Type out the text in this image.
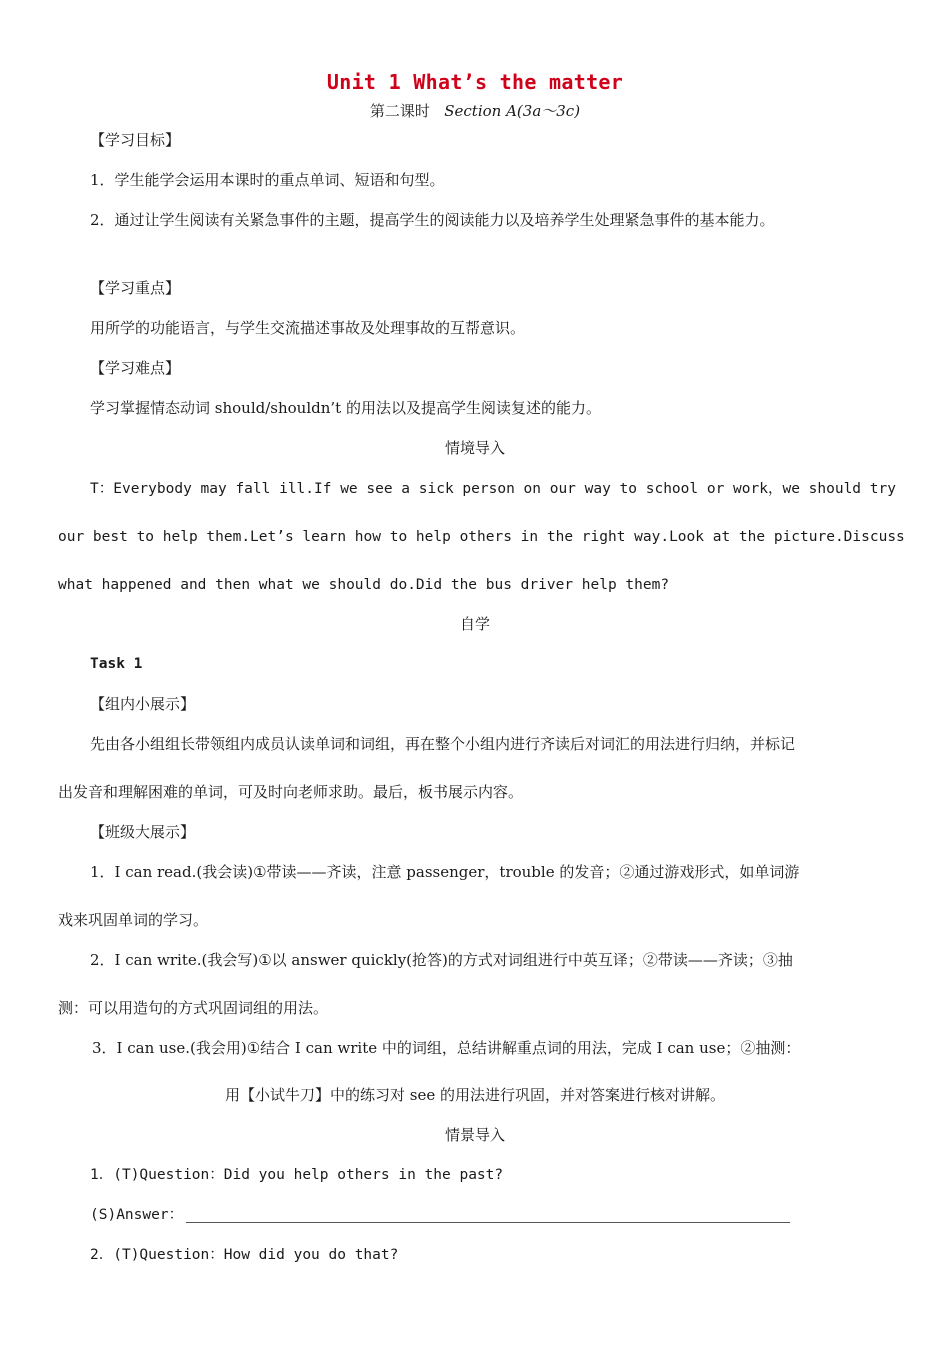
Unit 1 What’s the matter
第二课时 Section A(3a～3c)
【学习目标】
1．学生能学会运用本课时的重点单词、短语和句型。
2．通过让学生阅读有关紧急事件的主题，提高学生的阅读能力以及培养学生处理紧急事件的基本能力。
【学习重点】
用所学的功能语言，与学生交流描述事故及处理事故的互帮意识。
【学习难点】
学习掌握情态动词 should/shouldn’t 的用法以及提高学生阅读复述的能力。
情境导入
T：Everybody may fall ill.If we see a sick person on our way to school or work，we should try
our best to help them.Let’s learn how to help others in the right way.Look at the picture.Discuss
what happened and then what we should do.Did the bus driver help them?
自学
Task 1
【组内小展示】
先由各小组组长带领组内成员认读单词和词组，再在整个小组内进行齐读后对词汇的用法进行归纳，并标记
出发音和理解困难的单词，可及时向老师求助。最后，板书展示内容。
【班级大展示】
1．I can read.(我会读)①带读——齐读，注意 passenger，trouble 的发音；②通过游戏形式，如单词游
戏来巩固单词的学习。
2．I can write.(我会写)①以 answer quickly(抢答)的方式对词组进行中英互译；②带读——齐读；③抽
测：可以用造句的方式巩固词组的用法。
3．I can use.(我会用)①结合 I can write 中的词组，总结讲解重点词的用法，完成 I can use；②抽测：
用【小试牛刀】中的练习对 see 的用法进行巩固，并对答案进行核对讲解。
情景导入
1．(T)Question：Did you help others in the past?
(S)Answer：
2．(T)Question：How did you do that?
